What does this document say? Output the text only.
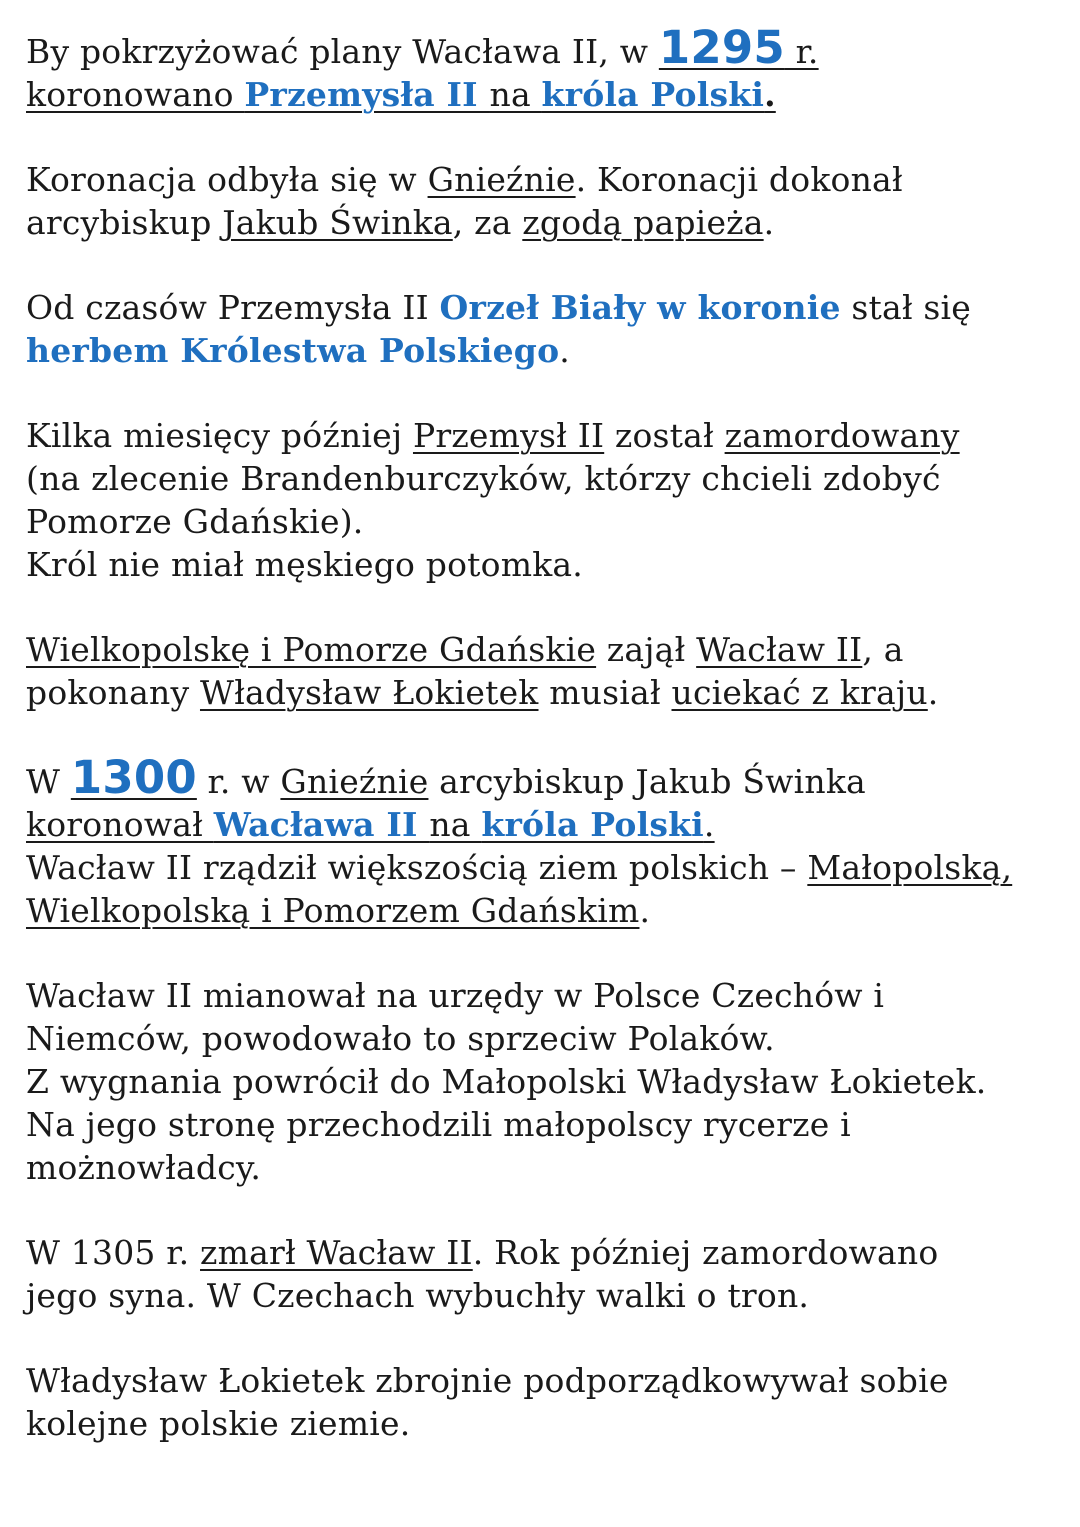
By pokrzyżować plany Wacława II, w 1295 r.
koronowano Przemysła II na króla Polski.
Koronacja odbyła się w Gnieźnie. Koronacji dokonał
arcybiskup Jakub Świnka, za zgodą papieża.
Od czasów Przemysła II Orzeł Biały w koronie stał się
herbem Królestwa Polskiego.
Kilka miesięcy później Przemysł II został zamordowany
(na zlecenie Brandenburczyków, którzy chcieli zdobyć
Pomorze Gdańskie).
Król nie miał męskiego potomka.
Wielkopolskę i Pomorze Gdańskie zajął Wacław II, a
pokonany Władysław Łokietek musiał uciekać z kraju.
W 1300 r. w Gnieźnie arcybiskup Jakub Świnka
koronował Wacława II na króla Polski.
Wacław II rządził większością ziem polskich – Małopolską,
Wielkopolską i Pomorzem Gdańskim.
Wacław II mianował na urzędy w Polsce Czechów i
Niemców, powodowało to sprzeciw Polaków.
Z wygnania powrócił do Małopolski Władysław Łokietek.
Na jego stronę przechodzili małopolscy rycerze i
możnowładcy.
W 1305 r. zmarł Wacław II. Rok później zamordowano
jego syna. W Czechach wybuchły walki o tron.
Władysław Łokietek zbrojnie podporządkowywał sobie
kolejne polskie ziemie.
